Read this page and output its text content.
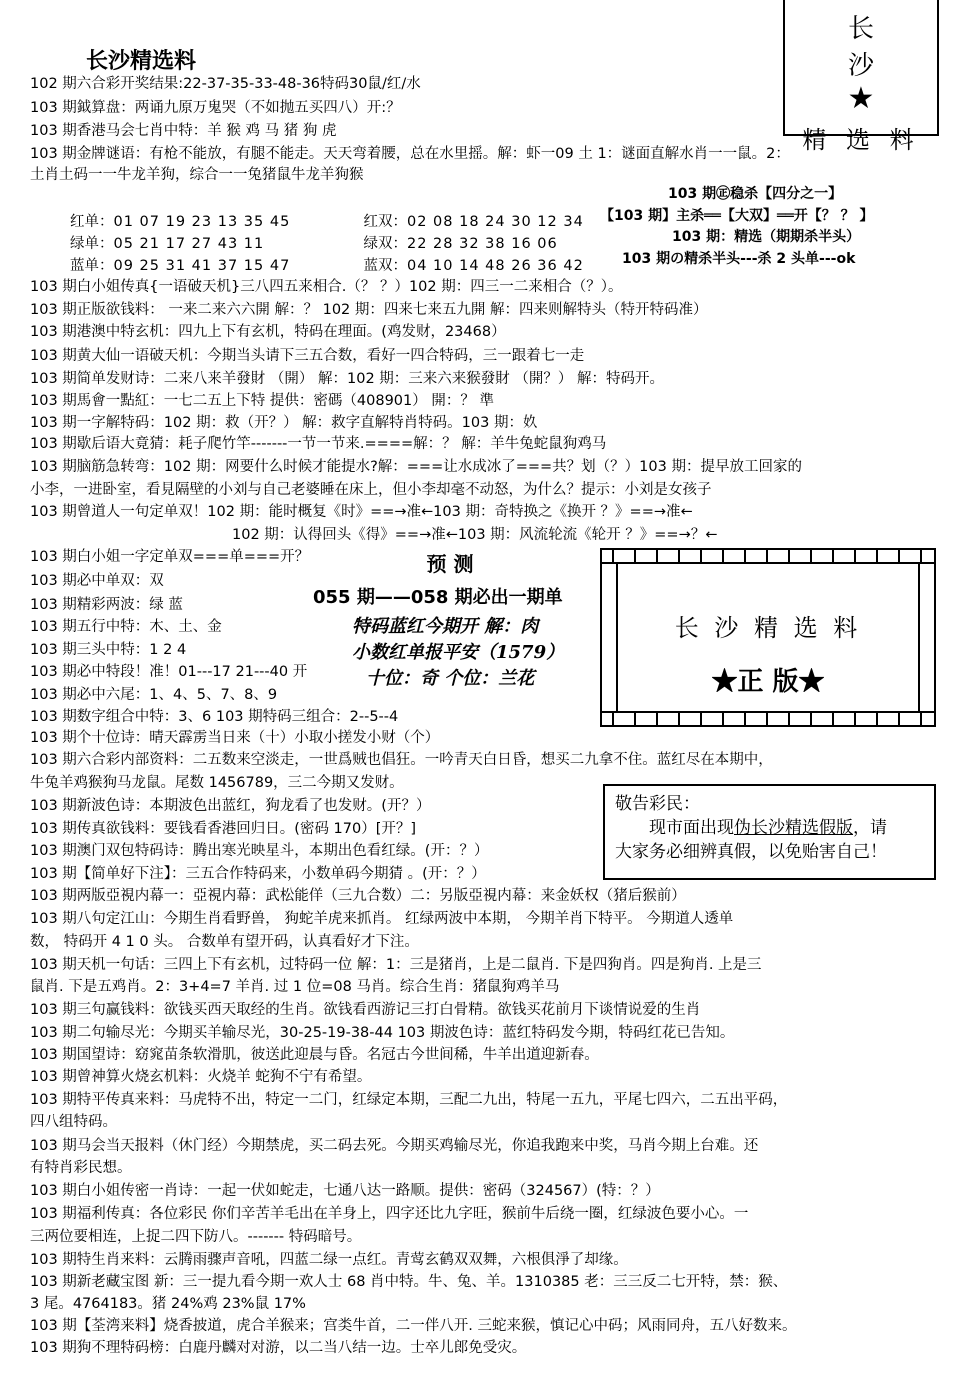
长沙精选料
长 沙
★
精 选 料
102 期六合彩开奖结果:22-37-35-33-48-36特码30鼠/红/水
103 期鉞算盘：两诵九原万鬼哭（不如抛五买四八）开:？
103 期香港马会七肖中特：羊 猴 鸡 马 猪 狗 虎
103 期金牌谜语：有枪不能放，有腿不能走。天天弯着腰，总在水里摇。解：虾一09 土 1：谜面直解水肖一一鼠。2：
土肖土码一一牛龙羊狗，综合一一兔猪鼠牛龙羊狗猴
103 期㊣稳杀【四分之一】
【103 期】主杀══【大双】══开【？ ？ 】
103 期：精选（期期杀半头）
103 期の精杀半头---杀 2 头单---ok
红单：01 07 19 23 13 35 45	红双：02 08 18 24 30 12 34
绿单：05 21 17 27 43 11	绿双：22 28 32 38 16 06
蓝单：09 25 31 41 37 15 47	蓝双：04 10 14 48 26 36 42
103 期白小姐传真{一语破天机}三八四五来相合.（？ ？）102 期：四三一二来相合（？）。
103 期正版欲钱料： 一来二来六六開 解：？ 102 期：四来七来五九開 解：四来则解特头（特开特码准）
103 期港澳中特玄机：四九上下有玄机，特码在理面。(鸡发财，23468）
103 期黄大仙一语破天机：今期当头请下三五合数，看好一四合特码，三一跟着七一走
103 期简单发财诗：二来八来羊發財 （開） 解：102 期：三来六来猴發財 （開？） 解：特码开。
103 期馬會一點紅：一七二五上下特 提供：密碼（408901） 開：？ 準
103 期一字解特码：102 期：救（开？） 解：救字直解特肖特码。103 期：奺
103 期歇后语大竟猜：耗子爬竹竿-------一节一节来.====解：？ 解：羊牛兔蛇鼠狗鸡马
103 期脑筋急转弯：102 期：网要什么时候才能提水?解：===让水成冰了===共？划（？）103 期：提早放工回家的
小李，一进卧室，看見隔壁的小刘与自己老婆睡在床上，但小李却毫不动怒，为什么？提示：小刘是女孩子
103 期曾道人一句定单双！102 期：能时概复《时》==→准←103 期：奇特换之《换开 ？》==→准←
102 期：认得回头《得》==→准←103 期：风流轮流《轮开 ？》==→？←
103 期白小姐一字定单双===单===开？
103 期必中单双：双
103 期精彩两波：绿 蓝
103 期五行中特：木、土、金
103 期三头中特：1 2 4
103 期必中特段！准！01---17 21---40 开
103 期必中六尾：1、4、5、7、8、9
103 期数字组合中特：3、6 103 期特码三组合：2--5--4
103 期个十位诗：晴天霹雳当日来（十）小取小搓发小财（个）
预 测
055 期——058 期必出一期单
特码蓝红今期开 解：肉
小数红单报平安（1579）
十位：奇 个位：兰花
长 沙 精 选 料
★正 版★
103 期六合彩内部资料：二五数来空淡走，一世爲贼也倡狂。一吟青天白日昏，想买二九拿不住。蓝红尽在本期中，
牛兔羊鸡猴狗马龙鼠。尾数 1456789，三二今期又发财。
103 期新波色诗：本期波色出蓝红，狗龙看了也发财。(开？）
103 期传真欲钱料：要钱看香港回归日。(密码 170）[开？]
103 期澳门双包特码诗：腾出寒光映星斗，本期出色看红绿。(开：？）
103 期【简单好下注】：三五合作特码来，小数单码今期猜 。(开：？）
敬告彩民：
现市面出现伪长沙精选假版，请
大家务必细辨真假，以免贻害自己！
103 期两版亞視内幕一：亞視内幕：武松能佯（三九合数）二：另版亞視内幕：来金妖权（猪后猴前）
103 期八句定江山：今期生肖看野兽， 狗蛇羊虎来抓肖。 红绿两波中本期， 今期羊肖下特平。 今期道人透单
数， 特码开 4 1 0 头。 合数单有望开码，认真看好才下注。
103 期天机一句话：三四上下有玄机，过特码一位 解：1：三是猪肖，上是二鼠肖. 下是四狗肖。四是狗肖. 上是三
鼠肖. 下是五鸡肖。2：3+4=7 羊肖. 过 1 位=08 马肖。综合生肖：猪鼠狗鸡羊马
103 期三句赢钱料：欲钱买西天取经的生肖。欲钱看西游记三打白骨精。欲钱买花前月下谈情说爱的生肖
103 期二句输尽光：今期买羊输尽光，30-25-19-38-44 103 期波色诗：蓝红特码发今期，特码红花已告知。
103 期国望诗：窈窕苗条软滑肌，彼送此迎晨与昏。名冠古今世间稀，牛羊出道迎新春。
103 期曾神算火烧玄机料：火烧羊 蛇狗不宁有希望。
103 期特平传真来料：马虎特不出，特定一二门，红绿定本期，三配二九出，特尾一五九，平尾七四六，二五出平码，
四八组特码。
103 期马会当天报料（休门经）今期禁虎，买二码去死。今期买鸡输尽光，你追我跑来中奖，马肖今期上台难。还
有特肖彩民想。
103 期白小姐传密一肖诗：一起一伏如蛇走，七通八达一路顺。提供：密码（324567）(特：？）
103 期福利传真：各位彩民 你们辛苦羊毛出在羊身上，四字还比九字旺，猴前牛后绕一圈，红绿波色要小心。一
三两位要相连，上捉二四下防八。------- 特码暗号。
103 期特生肖来料：云腾雨骤声音吼，四蓝二绿一点红。青莺玄鹤双双舞，六根俱淨了却缘。
103 期新老藏宝图 新：三一提九看今期一欢人士 68 肖中特。牛、兔、羊。1310385 老：三三反二七开特，禁：猴、
3 尾。4764183。猪 24%鸡 23%鼠 17%
103 期【荃湾来料】烧香披道，虎合羊猴来；宫类牛首，二一伴八开. 三蛇来猴，慎记心中码；风雨同舟，五八好数来。
103 期狗不理特码榜：白鹿丹麟对对游，以二当八结一边。士卒儿郎免受灾。
